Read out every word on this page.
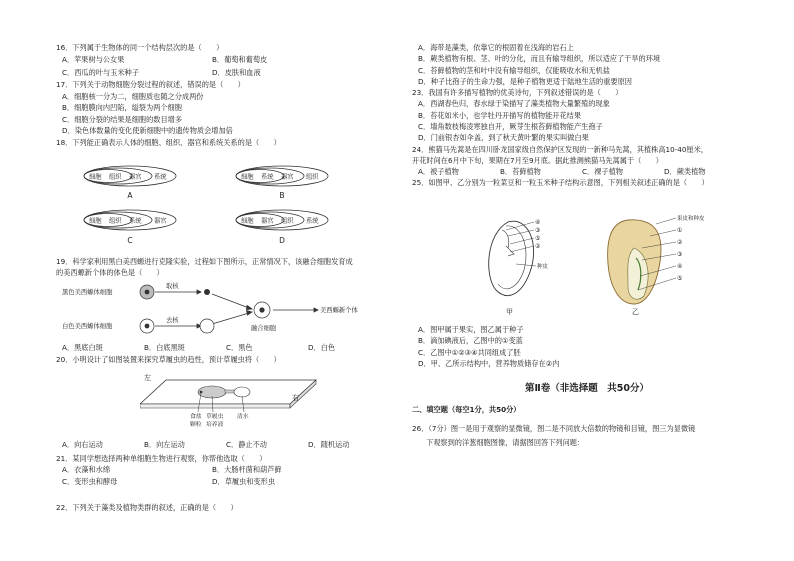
16．下列属于生物体的同一个结构层次的是（　　）
A．苹果树与公女果	B．葡萄和葡萄皮
C．西瓜的叶与玉米种子	D．皮肤和血液
17．下列关于动物细胞分裂过程的叙述，错误的是（　　）
A．细胞核一分为二，细胞质也随之分成两份
B．细胞膜向内凹陷，缢裂为两个细胞
C．细胞分裂的结果是细胞的数目增多
D．染色体数量的变化使新细胞中的遗传物质会增加倍
18．下列能正确表示人体的细胞、组织、器官和系统关系的是（　　）
细胞 组织 器官 系统	细胞 系统 器官 组织
细胞 组织 系统 器官	细胞 器官 组织 系统
A	B
C	D
19．科学家利用黑白美西螈进行克隆实验，过程如下图所示，正常情况下，该融合细胞发育成
的美西螈新个体的体色是（　　）
黑色美西螈体细胞
白色美西螈体细胞
取核
去核
融合细胞
美西螈新个体
A．黑底白斑	B．白底黑斑	C．黑色	D．白色
20．小明设计了如图装置来探究草履虫的趋性，预计草履虫将（　　）
左
右
食盐
颗粒
草履虫
培养液
清水
A．向右运动	B．向左运动	C．静止不动	D．随机运动
21．某同学想选择两种单细胞生物进行观察，你帮他选取（　　）
A．衣藻和水绵	B．大肠杆菌和葫芦藓
C．变形虫和酵母	D．草履虫和变形虫
22．下列关于藻类及植物类群的叙述，正确的是（　　）
A．海带是藻类，依靠它的根固着在浅海的岩石上
B．蕨类植物有根、茎、叶的分化，而且有输导组织，所以适应了干旱的环境
C．苔藓植物的茎和叶中没有输导组织，仅能吸收水和无机盐
D．种子比孢子的生命力强，是种子植物更适于陆地生活的重要原因
23．我国有许多描写植物的优美诗句，下列叙述错误的是（　　）
A．西湖春色归，春水绿于染描写了藻类植物大量繁殖的现象
B．苔花如米小，也学牡丹开描写的植物能开花结果
C．墙角数枝梅凌寒独自开，厥芽生根苔藓植物能产生孢子
D．门前银杏如伞盖，到了秋天黄叶繁的果实叫做白果
24．熊猫马先蒿是在四川卧龙国家级自然保护区发现的一新种马先蒿，其植株高10-40厘米，
开花时间在6月中下旬，果期在7月至9月底。据此推测熊猫马先蒿属于（　　）
A．被子植物	B．苔藓植物	C．裸子植物	D．蕨类植物
25．如图甲、乙分别为一粒菜豆和一粒玉米种子结构示意图，下列相关叙述正确的是（　　）
④
③
⑤
②
种皮
甲
果皮和种皮
①
②
③
④
⑤
乙
A．图甲属于果实，图乙属于种子
B．滴加碘液后，乙图中的①变蓝
C．乙图中①②③④共同组成了胚
D．甲、乙所示结构中，营养物质储存在②内
第Ⅱ卷（非选择题　共50分）
二、填空题（每空1分，共50分）
26．（7分）图一是用于观察的显微镜，图二是不同放大倍数的物镜和目镜，图三为显微镜
下观察到的洋葱细胞图像，请据图回答下列问题：
